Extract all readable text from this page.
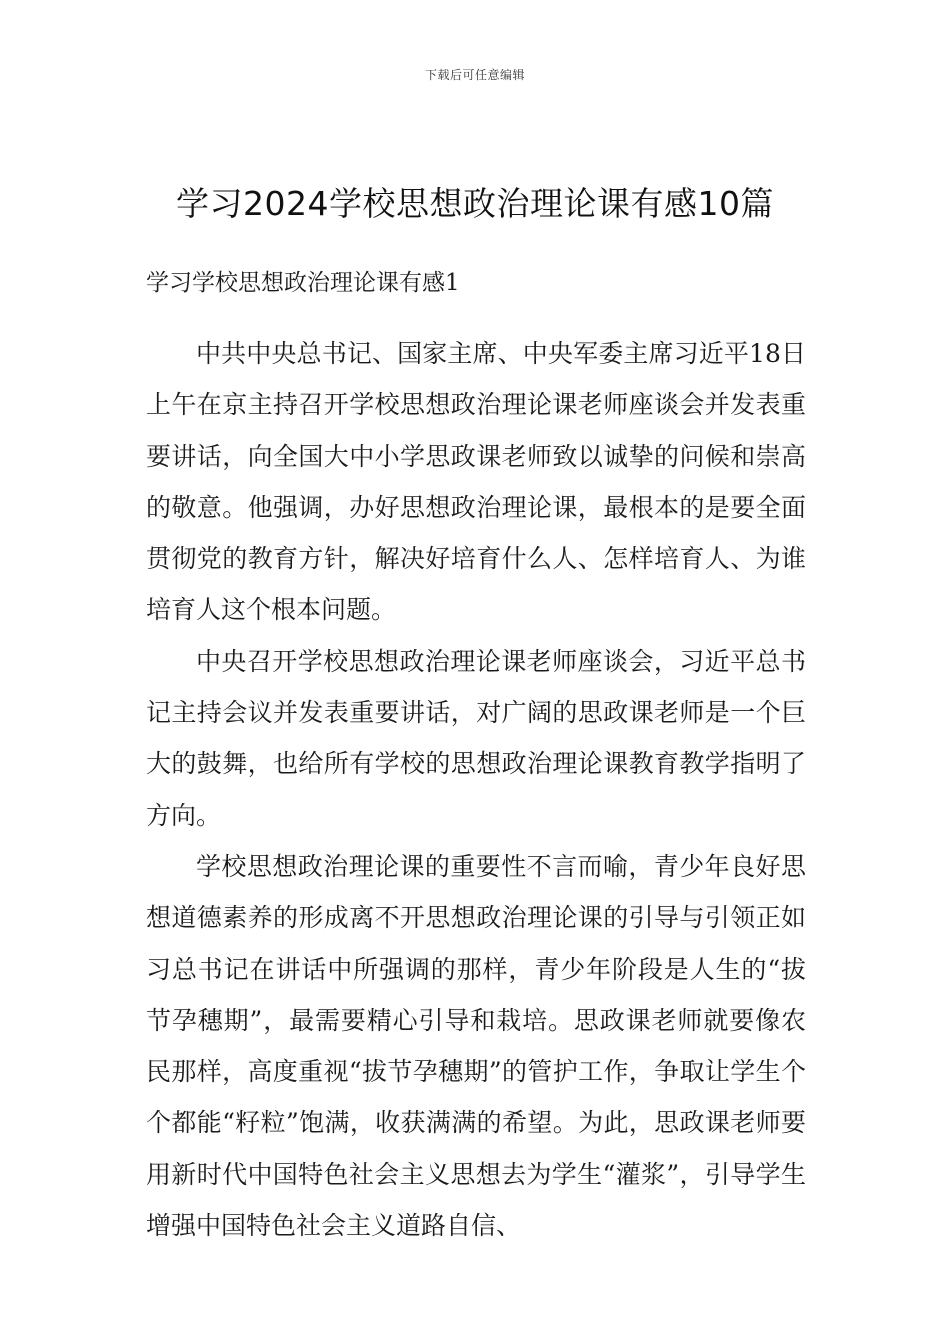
下载后可任意编辑
学习2024学校思想政治理论课有感10篇
学习学校思想政治理论课有感1

中共中央总书记、国家主席、中央军委主席习近平18日上午在京主持召开学校思想政治理论课老师座谈会并发表重要讲话，向全国大中小学思政课老师致以诚挚的问候和崇高的敬意。他强调，办好思想政治理论课，最根本的是要全面贯彻党的教育方针，解决好培育什么人、怎样培育人、为谁培育人这个根本问题。

中央召开学校思想政治理论课老师座谈会，习近平总书记主持会议并发表重要讲话，对广阔的思政课老师是一个巨大的鼓舞，也给所有学校的思想政治理论课教育教学指明了方向。

学校思想政治理论课的重要性不言而喻，青少年良好思想道德素养的形成离不开思想政治理论课的引导与引领正如习总书记在讲话中所强调的那样，青少年阶段是人生的“拔节孕穗期”，最需要精心引导和栽培。思政课老师就要像农民那样，高度重视“拔节孕穗期”的管护工作，争取让学生个个都能“籽粒”饱满，收获满满的希望。为此，思政课老师要用新时代中国特色社会主义思想去为学生“灌浆”，引导学生增强中国特色社会主义道路自信、
